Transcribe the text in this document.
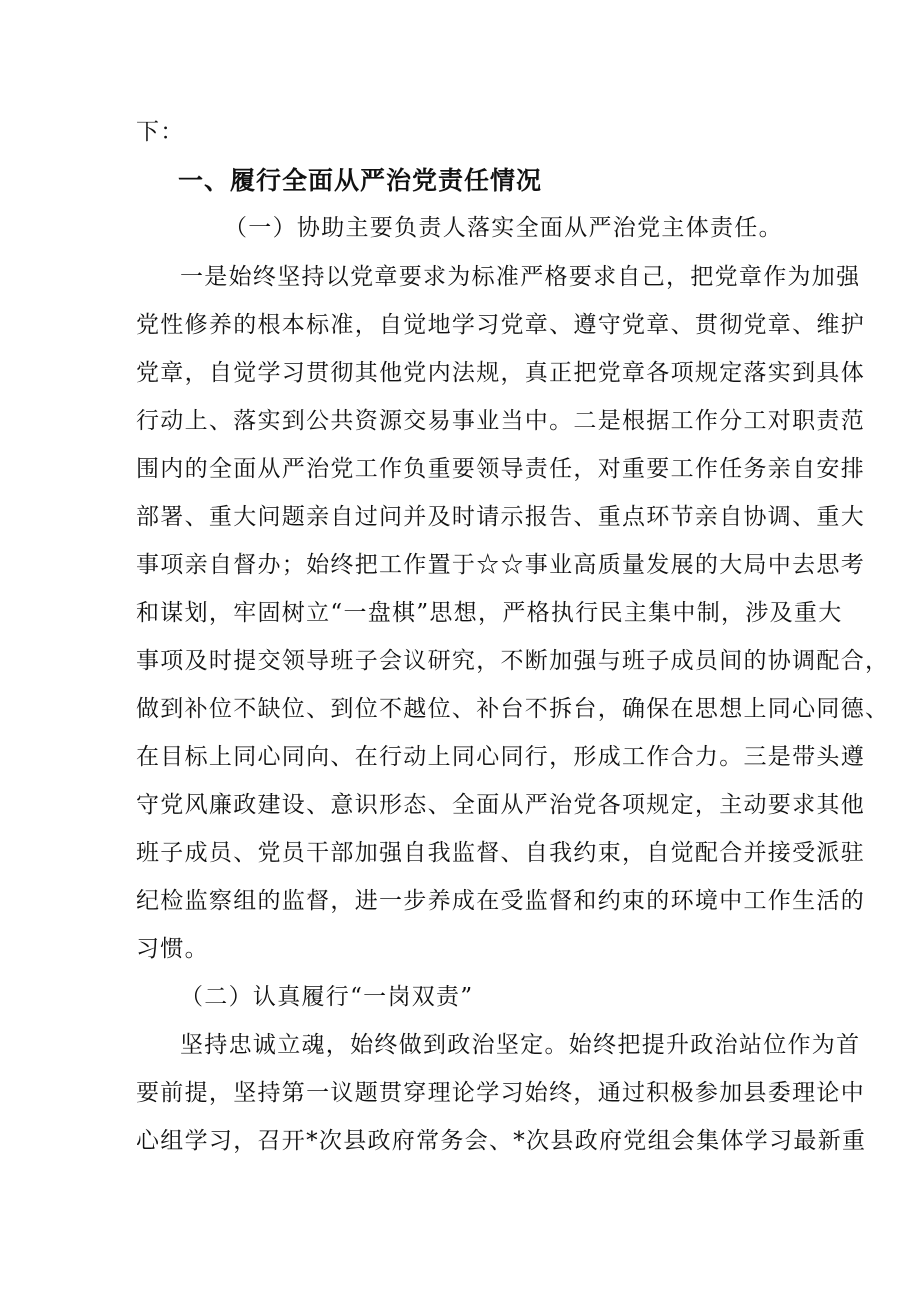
下：
一、履行全面从严治党责任情况
（一）协助主要负责人落实全面从严治党主体责任。
一是始终坚持以党章要求为标准严格要求自己，把党章作为加强
党性修养的根本标准，自觉地学习党章、遵守党章、贯彻党章、维护
党章，自觉学习贯彻其他党内法规，真正把党章各项规定落实到具体
行动上、落实到公共资源交易事业当中。二是根据工作分工对职责范
围内的全面从严治党工作负重要领导责任，对重要工作任务亲自安排
部署、重大问题亲自过问并及时请示报告、重点环节亲自协调、重大
事项亲自督办；始终把工作置于☆☆事业高质量发展的大局中去思考
和谋划，牢固树立“一盘棋”思想，严格执行民主集中制，涉及重大
事项及时提交领导班子会议研究，不断加强与班子成员间的协调配合，
做到补位不缺位、到位不越位、补台不拆台，确保在思想上同心同德、
在目标上同心同向、在行动上同心同行，形成工作合力。三是带头遵
守党风廉政建设、意识形态、全面从严治党各项规定，主动要求其他
班子成员、党员干部加强自我监督、自我约束，自觉配合并接受派驻
纪检监察组的监督，进一步养成在受监督和约束的环境中工作生活的
习惯。
（二）认真履行“一岗双责”
坚持忠诚立魂，始终做到政治坚定。始终把提升政治站位作为首
要前提，坚持第一议题贯穿理论学习始终，通过积极参加县委理论中
心组学习，召开*次县政府常务会、*次县政府党组会集体学习最新重
